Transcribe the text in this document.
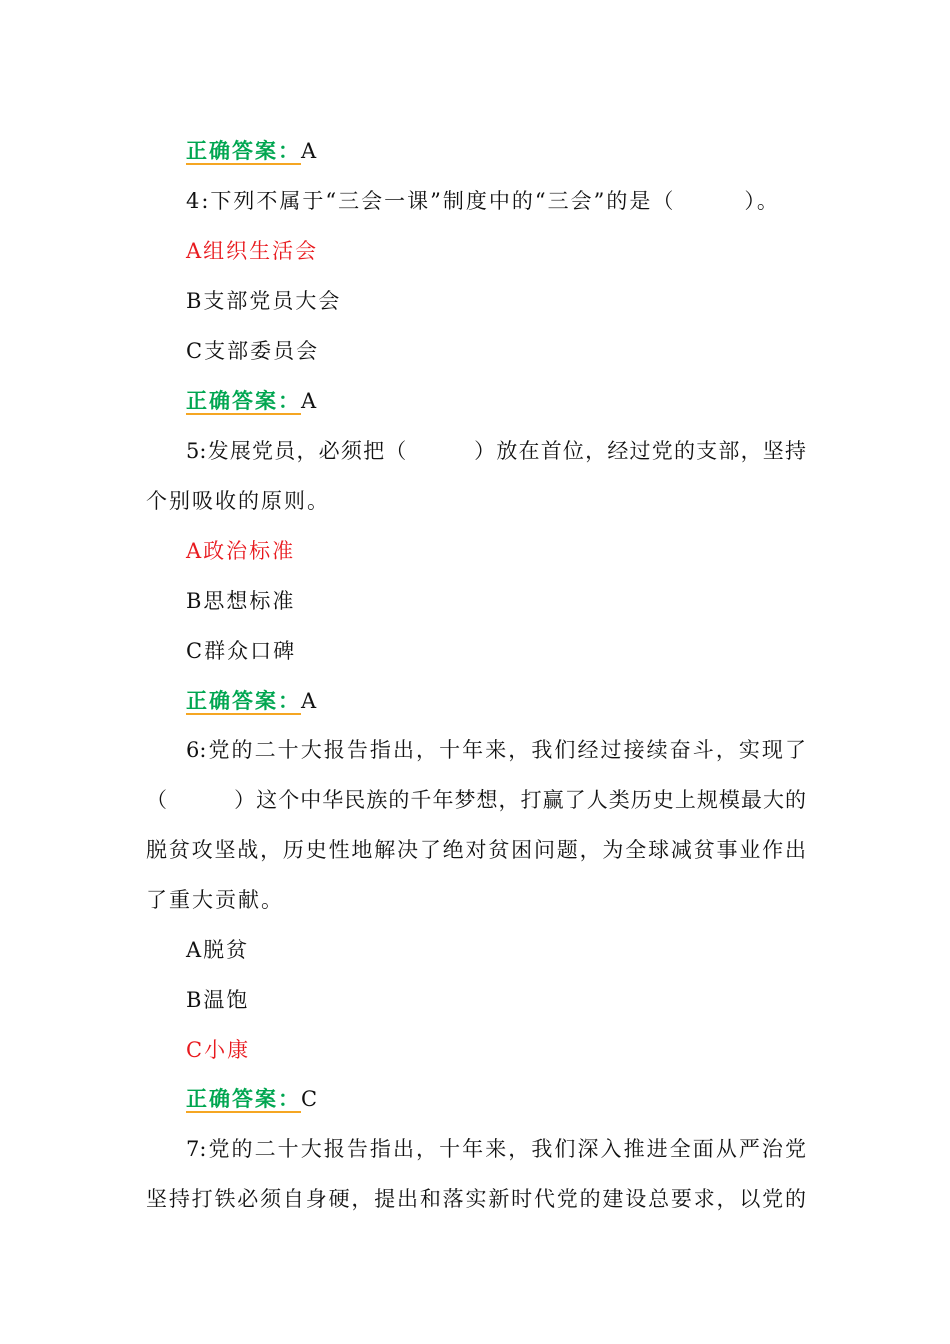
正确答案：A
4:下列不属于“三会一课”制度中的“三会”的是（　　　）。
A组织生活会
B支部党员大会
C支部委员会
正确答案：A
5:发展党员，必须把（　　　）放在首位，经过党的支部，坚持
个别吸收的原则。
A政治标准
B思想标准
C群众口碑
正确答案：A
6:党的二十大报告指出，十年来，我们经过接续奋斗，实现了
（　　　）这个中华民族的千年梦想，打赢了人类历史上规模最大的
脱贫攻坚战，历史性地解决了绝对贫困问题，为全球减贫事业作出
了重大贡献。
A脱贫
B温饱
C小康
正确答案：C
7:党的二十大报告指出，十年来，我们深入推进全面从严治党
坚持打铁必须自身硬，提出和落实新时代党的建设总要求，以党的
